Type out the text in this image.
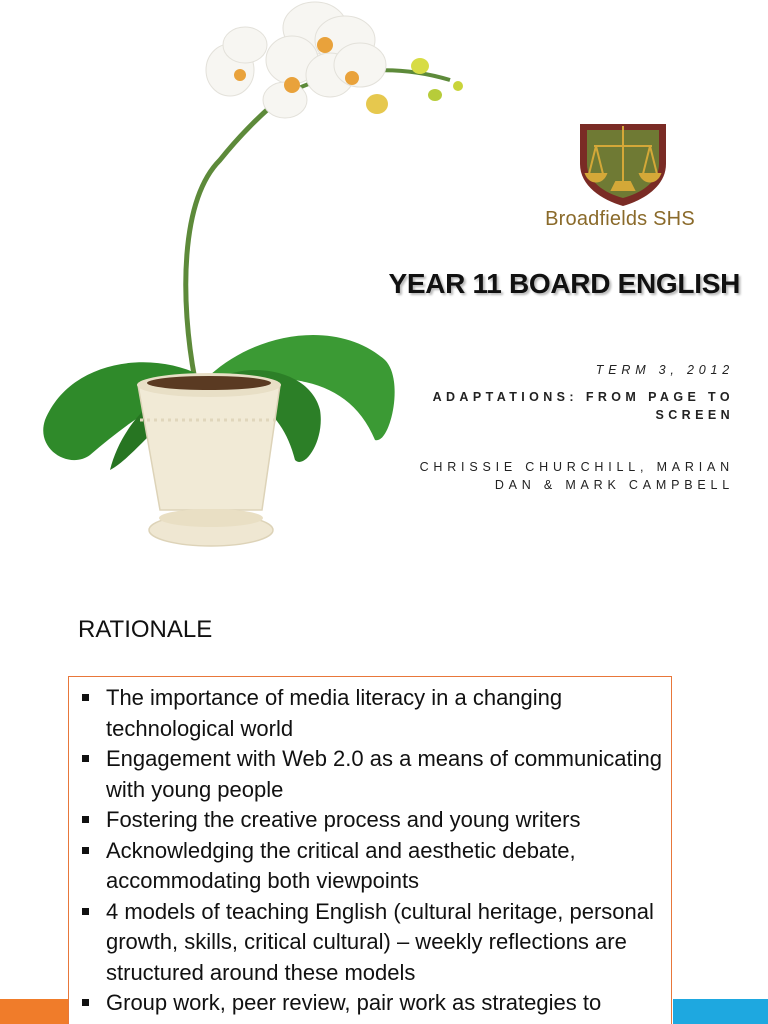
Broadfields SHS
YEAR 11 BOARD ENGLISH
TERM 3, 2012
ADAPTATIONS: FROM PAGE TO SCREEN
CHRISSIE CHURCHILL, MARIAN DAN & MARK CAMPBELL
RATIONALE
The importance of media literacy in a changing technological world
Engagement with Web 2.0 as a means of communicating with young people
Fostering the creative process and young writers
Acknowledging the critical and aesthetic debate, accommodating both viewpoints
4 models of teaching English (cultural heritage, personal growth, skills, critical cultural) – weekly reflections are structured around these models
Group work, peer review, pair work as strategies to
